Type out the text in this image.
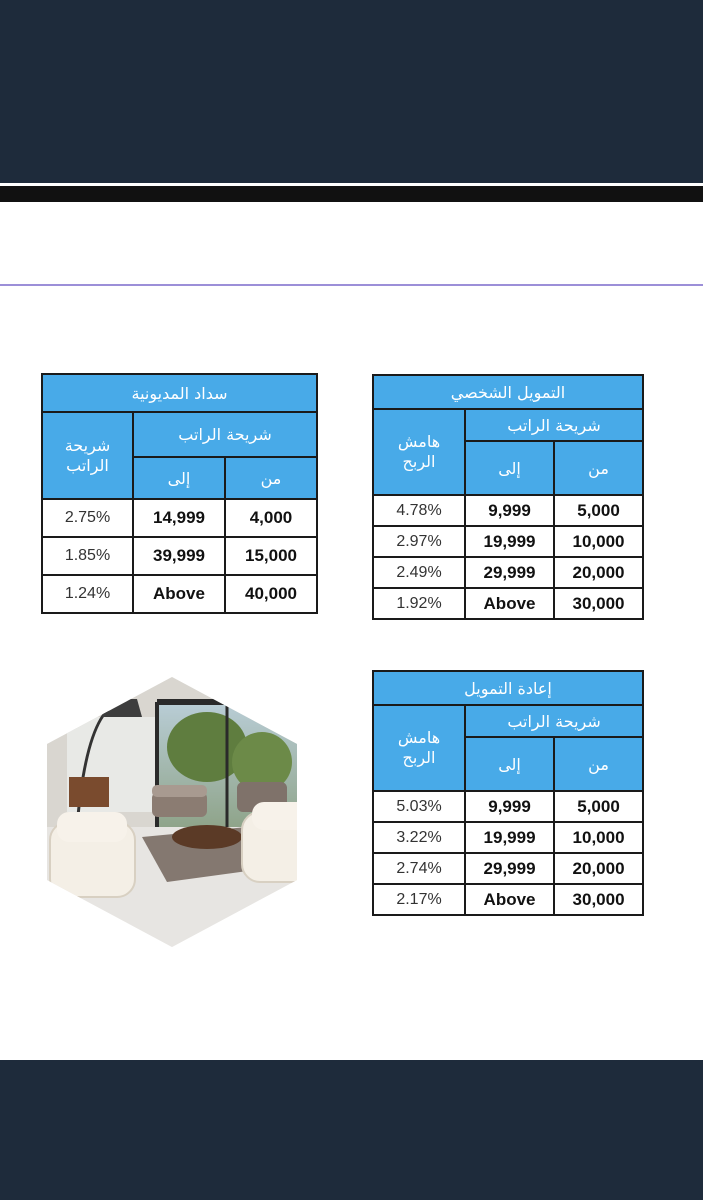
سداد المديونية		
شريحة الراتب		شريحة
الراتب

من	إلى	
4,000	14,999	2.75%
15,000	39,999	1.85%
40,000	Above	1.24%
التمويل الشخصي		
شريحة الراتب		هامش
الربح

من	إلى	
5,000	9,999	4.78%
10,000	19,999	2.97%
20,000	29,999	2.49%
30,000	Above	1.92%
إعادة التمويل		
شريحة الراتب		هامش
الربح

من	إلى	
5,000	9,999	5.03%
10,000	19,999	3.22%
20,000	29,999	2.74%
30,000	Above	2.17%
